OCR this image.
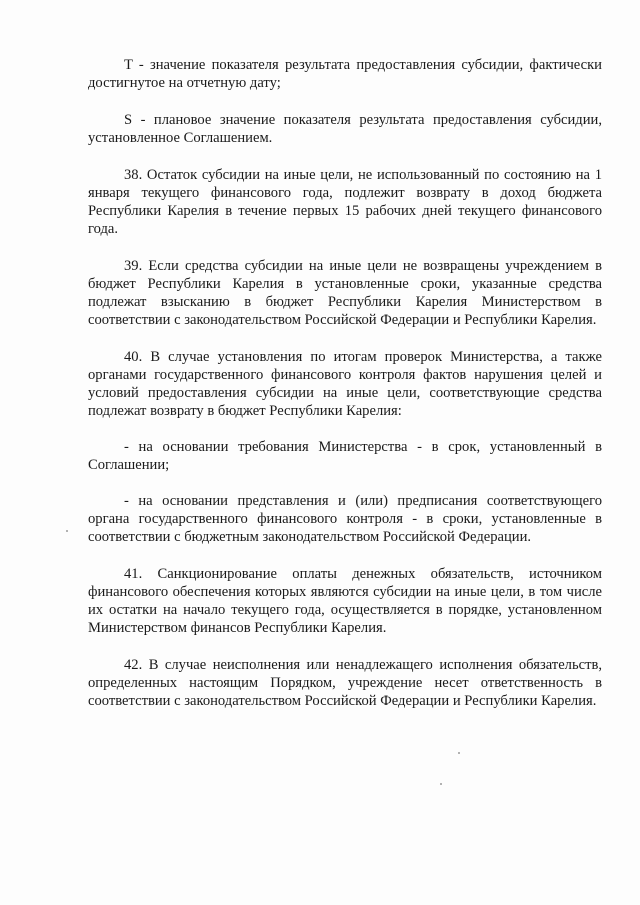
T - значение показателя результата предоставления субсидии, фактически достигнутое на отчетную дату;

S - плановое значение показателя результата предоставления субсидии, установленное Соглашением.

38. Остаток субсидии на иные цели, не использованный по состоянию на 1 января текущего финансового года, подлежит возврату в доход бюджета Республики Карелия в течение первых 15 рабочих дней текущего финансового года.

39. Если средства субсидии на иные цели не возвращены учреждением в бюджет Республики Карелия в установленные сроки, указанные средства подлежат взысканию в бюджет Республики Карелия Министерством в соответствии с законодательством Российской Федерации и Республики Карелия.

40. В случае установления по итогам проверок Министерства, а также органами государственного финансового контроля фактов нарушения целей и условий предоставления субсидии на иные цели, соответствующие средства подлежат возврату в бюджет Республики Карелия:

- на основании требования Министерства - в срок, установленный в Соглашении;

- на основании представления и (или) предписания соответствующего органа государственного финансового контроля - в сроки, установленные в соответствии с бюджетным законодательством Российской Федерации.

41. Санкционирование оплаты денежных обязательств, источником финансового обеспечения которых являются субсидии на иные цели, в том числе их остатки на начало текущего года, осуществляется в порядке, установленном Министерством финансов Республики Карелия.

42. В случае неисполнения или ненадлежащего исполнения обязательств, определенных настоящим Порядком, учреждение несет ответственность в соответствии с законодательством Российской Федерации и Республики Карелия.
